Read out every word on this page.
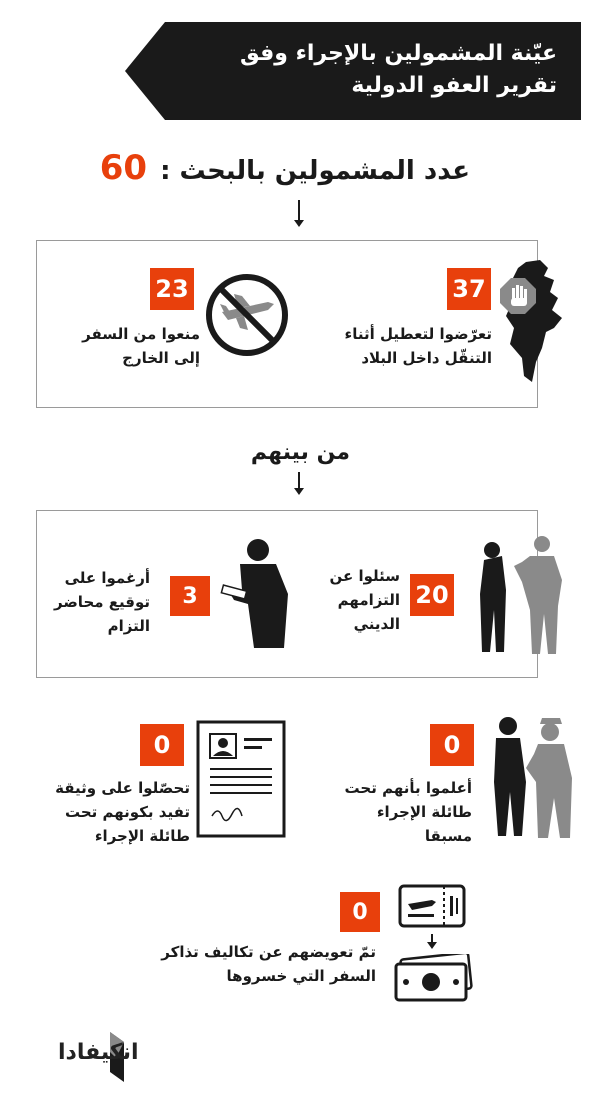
عيّنة المشمولين بالإجراء وفق
تقرير العفو الدولية
عدد المشمولين بالبحث : 60
37
تعرّضوا لتعطيل أثناء
التنقّل داخل البلاد
23
منعوا من السفر
إلى الخارج
من بينهم
20
سئلوا عن
التزامهم
الديني
3
أرغموا على
توقيع محاضر
التزام
0
أعلموا بأنهم تحت
طائلة الإجراء
مسبقا
0
تحصّلوا على وثيقة
تفيد بكونهم تحت
طائلة الإجراء
0
تمّ تعويضهم عن تكاليف تذاكر
السفر التي خسروها
انكيفادا
